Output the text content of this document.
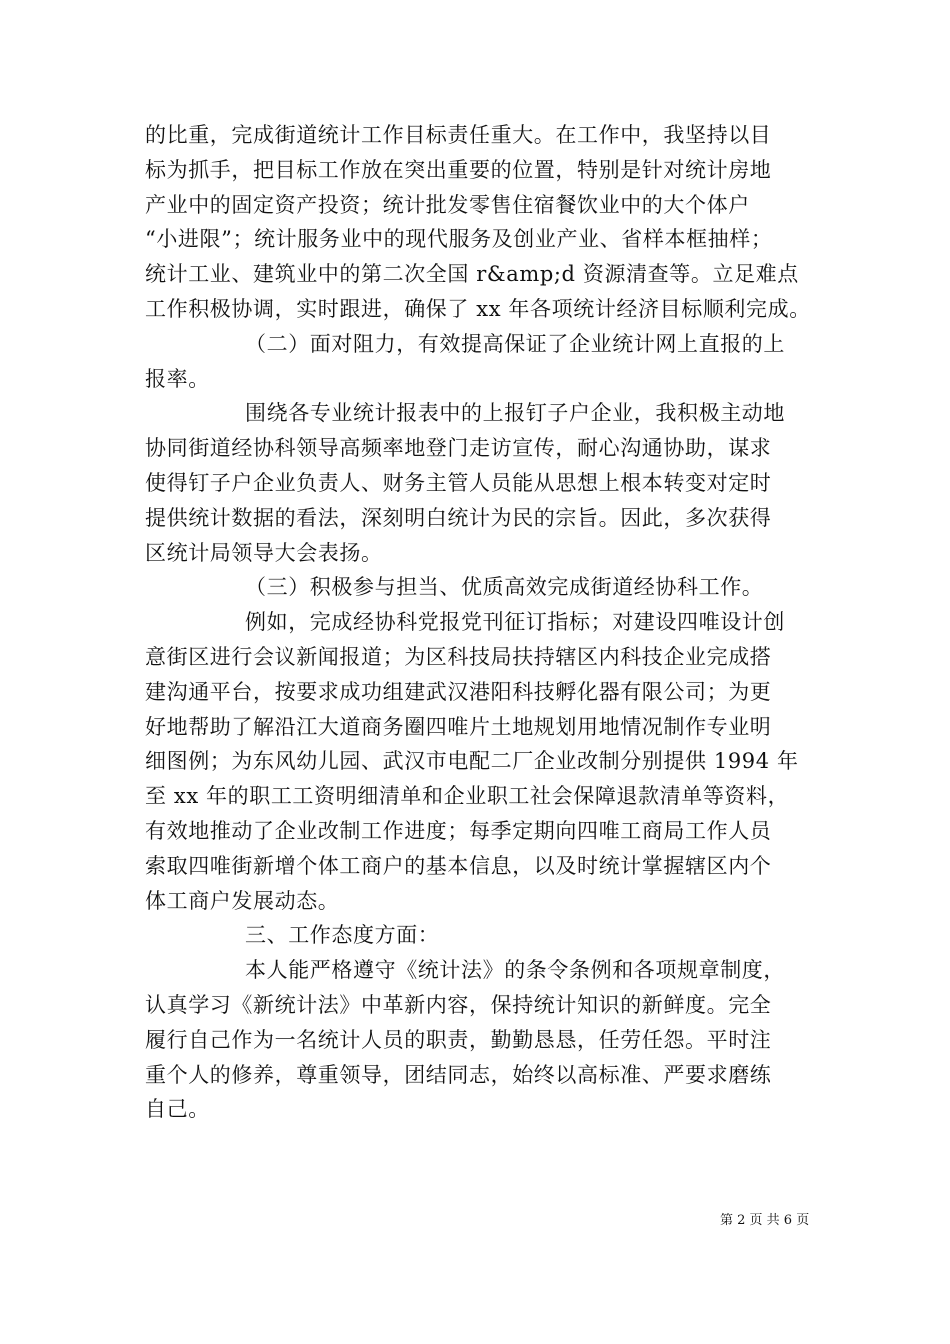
的比重，完成街道统计工作目标责任重大。在工作中，我坚持以目
标为抓手，把目标工作放在突出重要的位置，特别是针对统计房地
产业中的固定资产投资；统计批发零售住宿餐饮业中的大个体户
“小进限”；统计服务业中的现代服务及创业产业、省样本框抽样；
统计工业、建筑业中的第二次全国 r&amp;d 资源清查等。立足难点
工作积极协调，实时跟进，确保了 xx 年各项统计经济目标顺利完成。
（二）面对阻力，有效提高保证了企业统计网上直报的上
报率。
围绕各专业统计报表中的上报钉子户企业，我积极主动地
协同街道经协科领导高频率地登门走访宣传，耐心沟通协助，谋求
使得钉子户企业负责人、财务主管人员能从思想上根本转变对定时
提供统计数据的看法，深刻明白统计为民的宗旨。因此，多次获得
区统计局领导大会表扬。
（三）积极参与担当、优质高效完成街道经协科工作。
例如，完成经协科党报党刊征订指标；对建设四唯设计创
意街区进行会议新闻报道；为区科技局扶持辖区内科技企业完成搭
建沟通平台，按要求成功组建武汉港阳科技孵化器有限公司；为更
好地帮助了解沿江大道商务圈四唯片土地规划用地情况制作专业明
细图例；为东风幼儿园、武汉市电配二厂企业改制分别提供 1994 年
至 xx 年的职工工资明细清单和企业职工社会保障退款清单等资料，
有效地推动了企业改制工作进度；每季定期向四唯工商局工作人员
索取四唯街新增个体工商户的基本信息，以及时统计掌握辖区内个
体工商户发展动态。
三、工作态度方面：
本人能严格遵守《统计法》的条令条例和各项规章制度，
认真学习《新统计法》中革新内容，保持统计知识的新鲜度。完全
履行自己作为一名统计人员的职责，勤勤恳恳，任劳任怨。平时注
重个人的修养，尊重领导，团结同志，始终以高标准、严要求磨练
自己。
第 2 页 共 6 页
